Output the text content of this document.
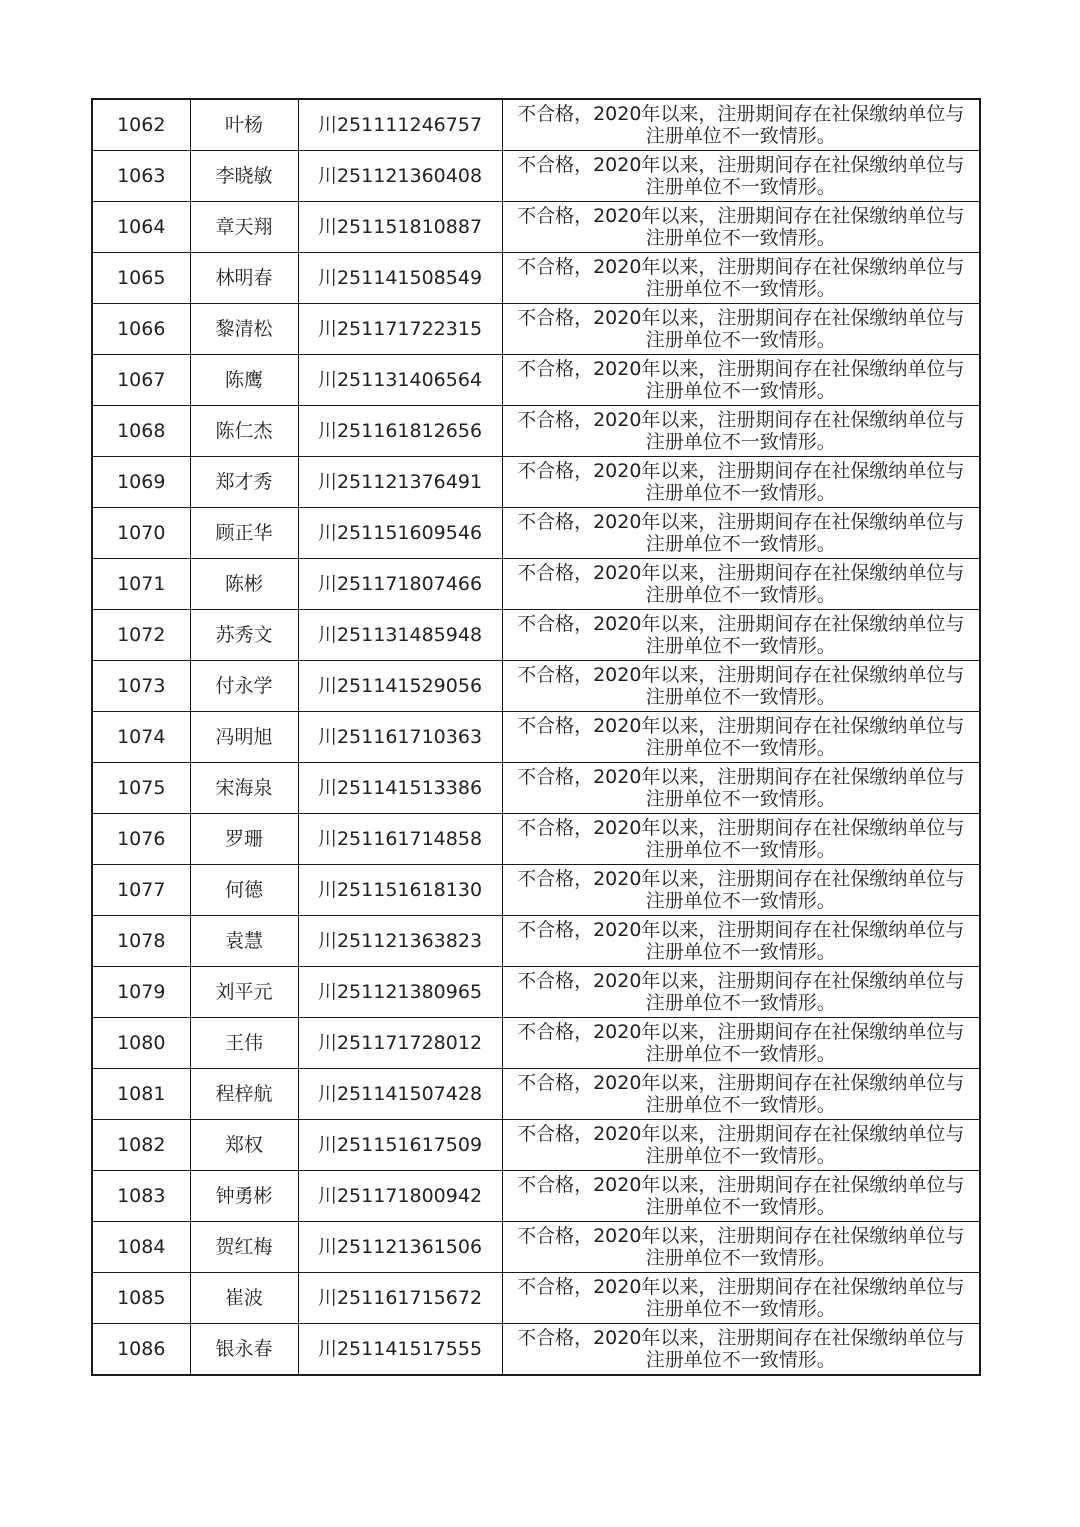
1062	叶杨	川251111246757	不合格，2020年以来，注册期间存在社保缴纳单位与
注册单位不一致情形。

1063	李晓敏	川251121360408	不合格，2020年以来，注册期间存在社保缴纳单位与
注册单位不一致情形。

1064	章天翔	川251151810887	不合格，2020年以来，注册期间存在社保缴纳单位与
注册单位不一致情形。

1065	林明春	川251141508549	不合格，2020年以来，注册期间存在社保缴纳单位与
注册单位不一致情形。

1066	黎清松	川251171722315	不合格，2020年以来，注册期间存在社保缴纳单位与
注册单位不一致情形。

1067	陈鹰	川251131406564	不合格，2020年以来，注册期间存在社保缴纳单位与
注册单位不一致情形。

1068	陈仁杰	川251161812656	不合格，2020年以来，注册期间存在社保缴纳单位与
注册单位不一致情形。

1069	郑才秀	川251121376491	不合格，2020年以来，注册期间存在社保缴纳单位与
注册单位不一致情形。

1070	顾正华	川251151609546	不合格，2020年以来，注册期间存在社保缴纳单位与
注册单位不一致情形。

1071	陈彬	川251171807466	不合格，2020年以来，注册期间存在社保缴纳单位与
注册单位不一致情形。

1072	苏秀文	川251131485948	不合格，2020年以来，注册期间存在社保缴纳单位与
注册单位不一致情形。

1073	付永学	川251141529056	不合格，2020年以来，注册期间存在社保缴纳单位与
注册单位不一致情形。

1074	冯明旭	川251161710363	不合格，2020年以来，注册期间存在社保缴纳单位与
注册单位不一致情形。

1075	宋海泉	川251141513386	不合格，2020年以来，注册期间存在社保缴纳单位与
注册单位不一致情形。

1076	罗珊	川251161714858	不合格，2020年以来，注册期间存在社保缴纳单位与
注册单位不一致情形。

1077	何德	川251151618130	不合格，2020年以来，注册期间存在社保缴纳单位与
注册单位不一致情形。

1078	袁慧	川251121363823	不合格，2020年以来，注册期间存在社保缴纳单位与
注册单位不一致情形。

1079	刘平元	川251121380965	不合格，2020年以来，注册期间存在社保缴纳单位与
注册单位不一致情形。

1080	王伟	川251171728012	不合格，2020年以来，注册期间存在社保缴纳单位与
注册单位不一致情形。

1081	程梓航	川251141507428	不合格，2020年以来，注册期间存在社保缴纳单位与
注册单位不一致情形。

1082	郑权	川251151617509	不合格，2020年以来，注册期间存在社保缴纳单位与
注册单位不一致情形。

1083	钟勇彬	川251171800942	不合格，2020年以来，注册期间存在社保缴纳单位与
注册单位不一致情形。

1084	贺红梅	川251121361506	不合格，2020年以来，注册期间存在社保缴纳单位与
注册单位不一致情形。

1085	崔波	川251161715672	不合格，2020年以来，注册期间存在社保缴纳单位与
注册单位不一致情形。

1086	银永春	川251141517555	不合格，2020年以来，注册期间存在社保缴纳单位与
注册单位不一致情形。
